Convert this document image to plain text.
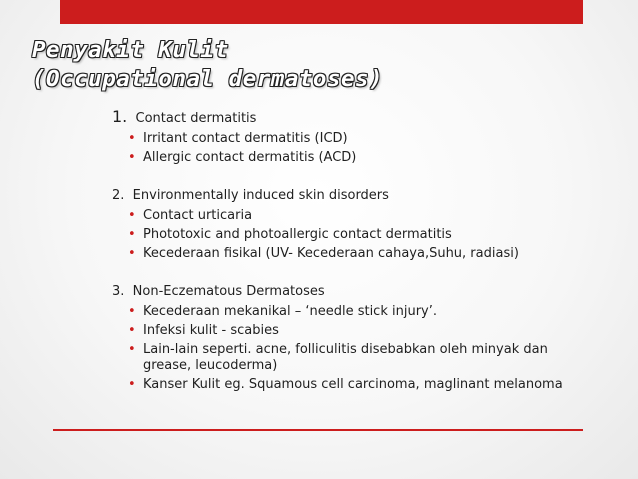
Penyakit Kulit
(Occupational dermatoses)

1. Contact dermatitis

• Irritant contact dermatitis (ICD)
• Allergic contact dermatitis (ACD)

2. Environmentally induced skin disorders

• Contact urticaria
• Phototoxic and photoallergic contact dermatitis
• Kecederaan fisikal (UV- Kecederaan cahaya,Suhu, radiasi)

3. Non-Eczematous Dermatoses

• Kecederaan mekanikal – ‘needle stick injury’.
• Infeksi kulit - scabies
• Lain-lain seperti. acne, folliculitis disebabkan oleh minyak dan grease, leucoderma)
• Kanser Kulit eg. Squamous cell carcinoma, maglinant melanoma
